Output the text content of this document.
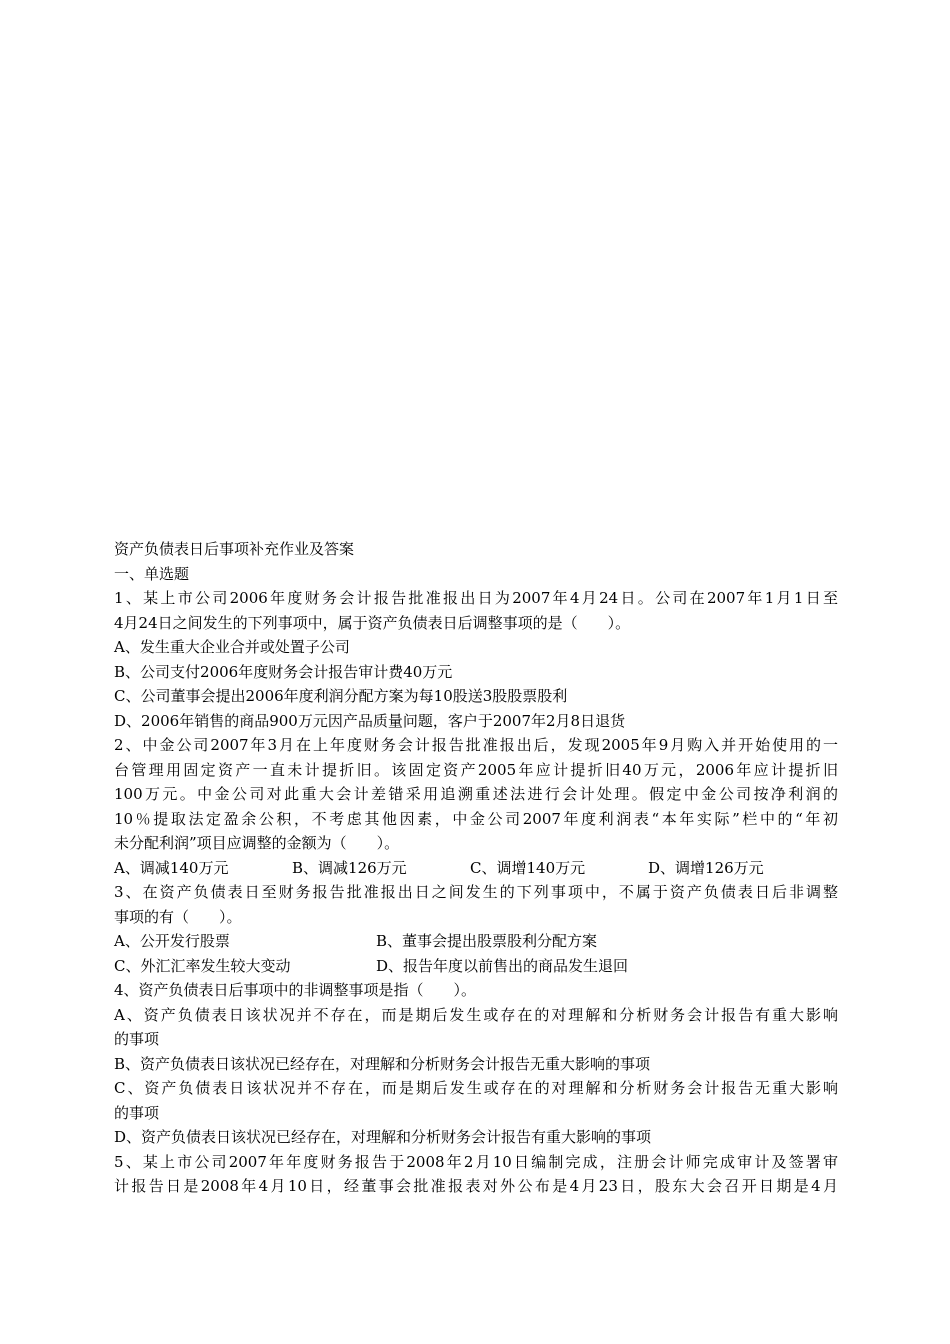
资产负债表日后事项补充作业及答案
一、单选题
1、某上市公司2006年度财务会计报告批准报出日为2007年4月24日。公司在2007年1月1日至
4月24日之间发生的下列事项中，属于资产负债表日后调整事项的是（　　）。
A、发生重大企业合并或处置子公司
B、公司支付2006年度财务会计报告审计费40万元
C、公司董事会提出2006年度利润分配方案为每10股送3股股票股利
D、2006年销售的商品900万元因产品质量问题，客户于2007年2月8日退货
2、中金公司2007年3月在上年度财务会计报告批准报出后，发现2005年9月购入并开始使用的一
台管理用固定资产一直未计提折旧。该固定资产2005年应计提折旧40万元，2006年应计提折旧
100万元。中金公司对此重大会计差错采用追溯重述法进行会计处理。假定中金公司按净利润的
10％提取法定盈余公积，不考虑其他因素，中金公司2007年度利润表“本年实际”栏中的“年初
未分配利润”项目应调整的金额为（　　）。
A、调减140万元	B、调减126万元	C、调增140万元	D、调增126万元
3、在资产负债表日至财务报告批准报出日之间发生的下列事项中，不属于资产负债表日后非调整
事项的有（　　）。
A、公开发行股票	B、董事会提出股票股利分配方案
C、外汇汇率发生较大变动	D、报告年度以前售出的商品发生退回
4、资产负债表日后事项中的非调整事项是指（　　）。
A、资产负债表日该状况并不存在，而是期后发生或存在的对理解和分析财务会计报告有重大影响
的事项
B、资产负债表日该状况已经存在，对理解和分析财务会计报告无重大影响的事项
C、资产负债表日该状况并不存在，而是期后发生或存在的对理解和分析财务会计报告无重大影响
的事项
D、资产负债表日该状况已经存在，对理解和分析财务会计报告有重大影响的事项
5、某上市公司2007年年度财务报告于2008年2月10日编制完成，注册会计师完成审计及签署审
计报告日是2008年4月10日，经董事会批准报表对外公布是4月23日，股东大会召开日期是4月
